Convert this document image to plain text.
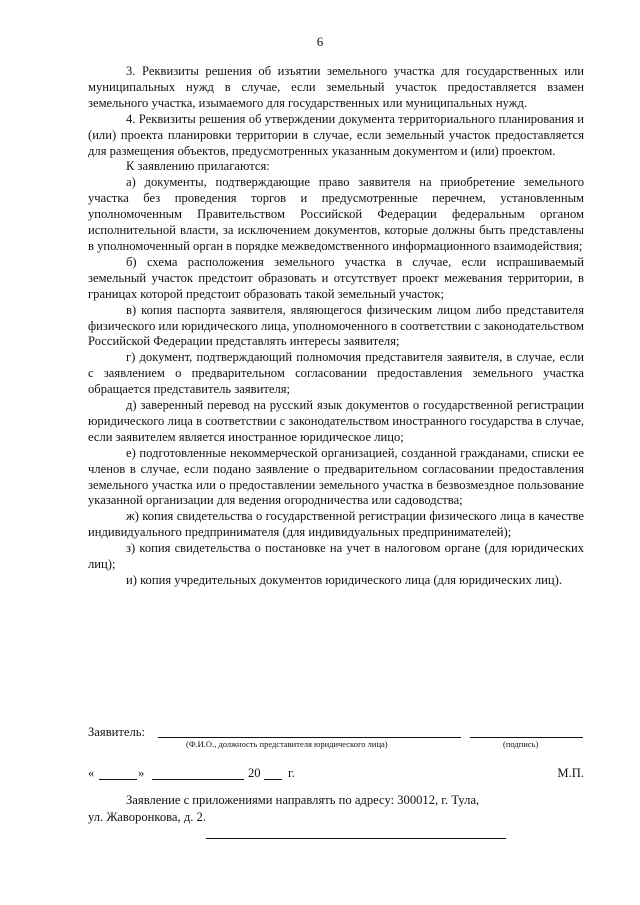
6

3. Реквизиты решения об изъятии земельного участка для государственных или муниципальных нужд в случае, если земельный участок предоставляется взамен земельного участка, изымаемого для государственных или муниципальных нужд.

4. Реквизиты решения об утверждении документа территориального планирования и (или) проекта планировки территории в случае, если земельный участок предоставляется для размещения объектов, предусмотренных указанным документом и (или) проектом.

К заявлению прилагаются:

а) документы, подтверждающие право заявителя на приобретение земельного участка без проведения торгов и предусмотренные перечнем, установленным уполномоченным Правительством Российской Федерации федеральным органом исполнительной власти, за исключением документов, которые должны быть представлены в уполномоченный орган в порядке межведомственного информационного взаимодействия;

б) схема расположения земельного участка в случае, если испрашиваемый земельный участок предстоит образовать и отсутствует проект межевания территории, в границах которой предстоит образовать такой земельный участок;

в) копия паспорта заявителя, являющегося физическим лицом либо представителя физического или юридического лица, уполномоченного в соответствии с законодательством Российской Федерации представлять интересы заявителя;

г) документ, подтверждающий полномочия представителя заявителя, в случае, если с заявлением о предварительном согласовании предоставления земельного участка обращается представитель заявителя;

д) заверенный перевод на русский язык документов о государственной регистрации юридического лица в соответствии с законодательством иностранного государства в случае, если заявителем является иностранное юридическое лицо;

е) подготовленные некоммерческой организацией, созданной гражданами, списки ее членов в случае, если подано заявление о предварительном согласовании предоставления земельного участка или о предоставлении земельного участка в безвозмездное пользование указанной организации для ведения огородничества или садоводства;

ж) копия свидетельства о государственной регистрации физического лица в качестве индивидуального предпринимателя (для индивидуальных предпринимателей);

з) копия свидетельства о постановке на учет в налоговом органе (для юридических лиц);

и) копия учредительных документов юридического лица (для юридических лиц).

Заявитель:
(Ф.И.О., должность представителя юридического лица)	(подпись)
«	»	20 г.	М.П.

Заявление с приложениями направлять по адресу: 300012, г. Тула,

ул. Жаворонкова, д. 2.
